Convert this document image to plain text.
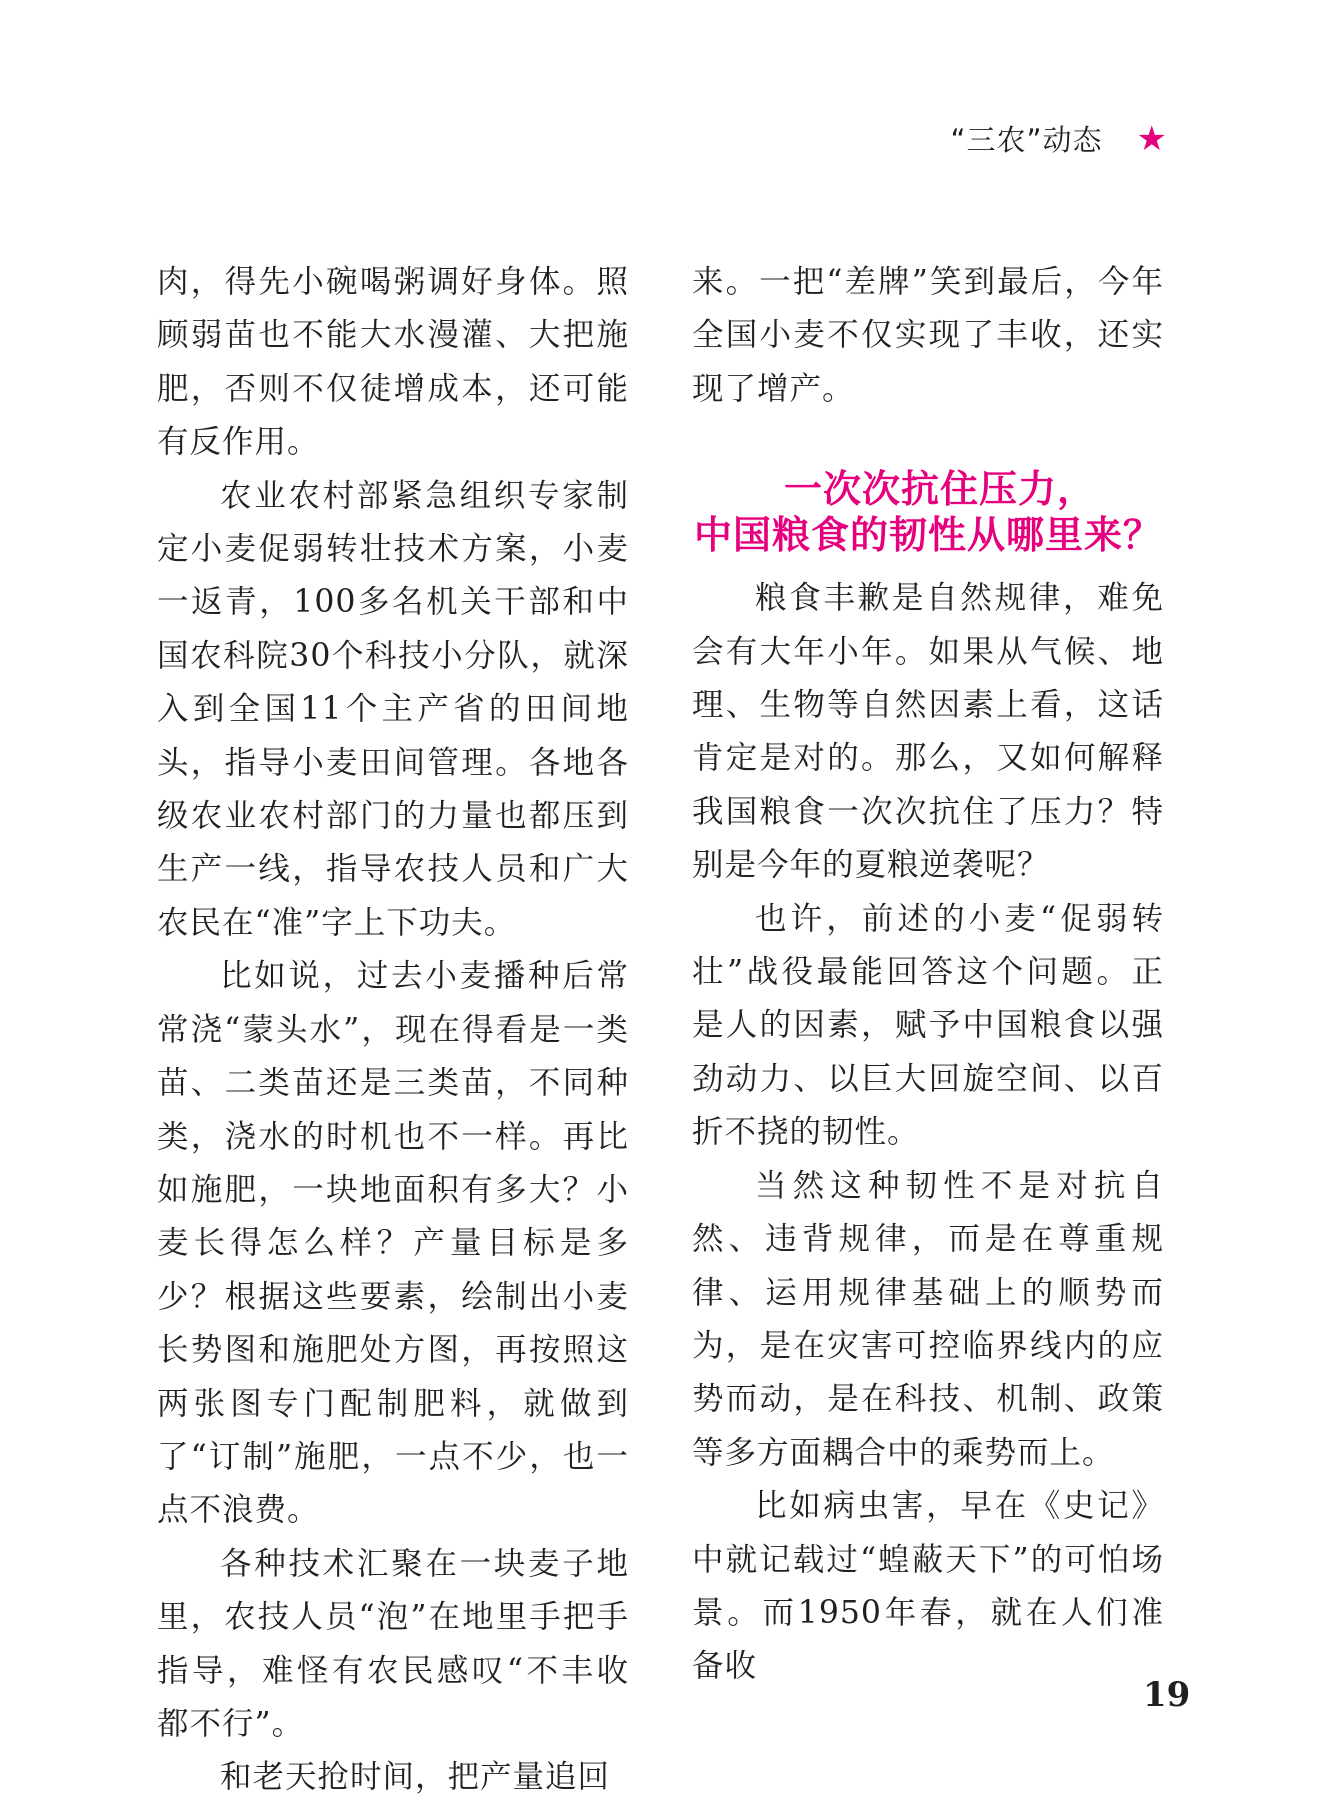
“三农”动态 ★

肉，得先小碗喝粥调好身体。照顾弱苗也不能大水漫灌、大把施肥，否则不仅徒增成本，还可能有反作用。

农业农村部紧急组织专家制定小麦促弱转壮技术方案，小麦一返青，100多名机关干部和中国农科院30个科技小分队，就深入到全国11个主产省的田间地头，指导小麦田间管理。各地各级农业农村部门的力量也都压到生产一线，指导农技人员和广大农民在“准”字上下功夫。

比如说，过去小麦播种后常常浇“蒙头水”，现在得看是一类苗、二类苗还是三类苗，不同种类，浇水的时机也不一样。再比如施肥，一块地面积有多大？小麦长得怎么样？产量目标是多少？根据这些要素，绘制出小麦长势图和施肥处方图，再按照这两张图专门配制肥料，就做到了“订制”施肥，一点不少，也一点不浪费。

各种技术汇聚在一块麦子地里，农技人员“泡”在地里手把手指导，难怪有农民感叹“不丰收都不行”。

和老天抢时间，把产量追回

来。一把“差牌”笑到最后，今年全国小麦不仅实现了丰收，还实现了增产。

一次次抗住压力，
中国粮食的韧性从哪里来？

粮食丰歉是自然规律，难免会有大年小年。如果从气候、地理、生物等自然因素上看，这话肯定是对的。那么，又如何解释我国粮食一次次抗住了压力？特别是今年的夏粮逆袭呢？

也许，前述的小麦“促弱转壮”战役最能回答这个问题。正是人的因素，赋予中国粮食以强劲动力、以巨大回旋空间、以百折不挠的韧性。

当然这种韧性不是对抗自然、违背规律，而是在尊重规律、运用规律基础上的顺势而为，是在灾害可控临界线内的应势而动，是在科技、机制、政策等多方面耦合中的乘势而上。

比如病虫害，早在《史记》中就记载过“蝗蔽天下”的可怕场景。而1950年春，就在人们准备收

19
